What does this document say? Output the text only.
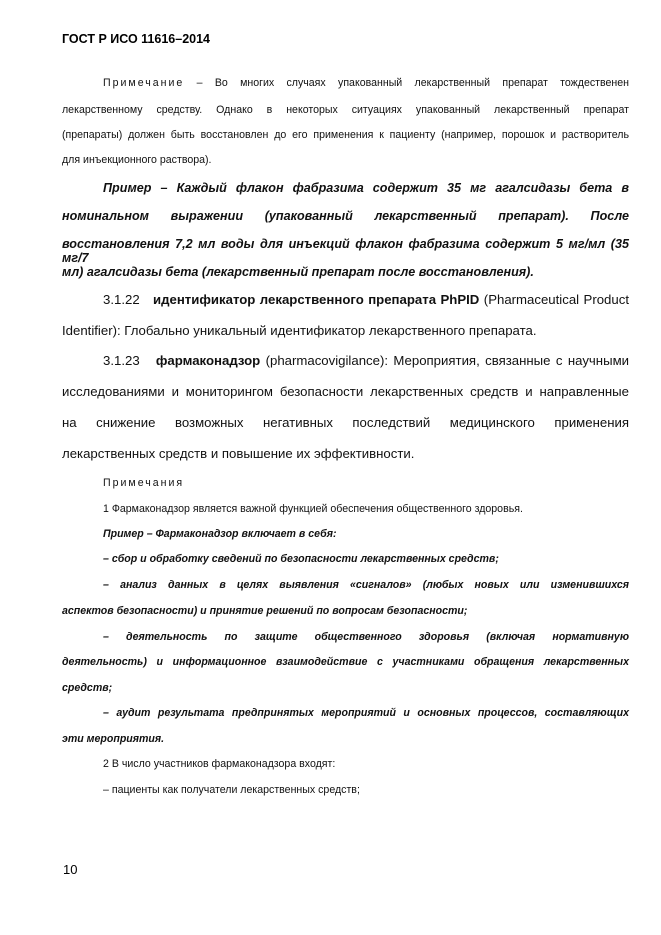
ГОСТ Р ИСО 11616–2014
Примечание – Во многих случаях упакованный лекарственный препарат тождественен
лекарственному средству. Однако в некоторых ситуациях упакованный лекарственный препарат
(препараты) должен быть восстановлен до его применения к пациенту (например, порошок и растворитель
для инъекционного раствора).
Пример – Каждый флакон фабразима содержит 35 мг агалсидазы бета в
номинальном выражении (упакованный лекарственный препарат). После
восстановления 7,2 мл воды для инъекций флакон фабразима содержит 5 мг/мл (35 мг/7
мл) агалсидазы бета (лекарственный препарат после восстановления).
3.1.22 идентификатор лекарственного препарата PhPID (Pharmaceutical Product
Identifier): Глобально уникальный идентификатор лекарственного препарата.
3.1.23 фармаконадзор (pharmacovigilance): Мероприятия, связанные с научными
исследованиями и мониторингом безопасности лекарственных средств и направленные
на снижение возможных негативных последствий медицинского применения
лекарственных средств и повышение их эффективности.
Примечания
1 Фармаконадзор является важной функцией обеспечения общественного здоровья.
Пример – Фармаконадзор включает в себя:
– сбор и обработку сведений по безопасности лекарственных средств;
– анализ данных в целях выявления «сигналов» (любых новых или изменившихся
аспектов безопасности) и принятие решений по вопросам безопасности;
– деятельность по защите общественного здоровья (включая нормативную
деятельность) и информационное взаимодействие с участниками обращения лекарственных
средств;
– аудит результата предпринятых мероприятий и основных процессов, составляющих
эти мероприятия.
2 В число участников фармаконадзора входят:
– пациенты как получатели лекарственных средств;
10
